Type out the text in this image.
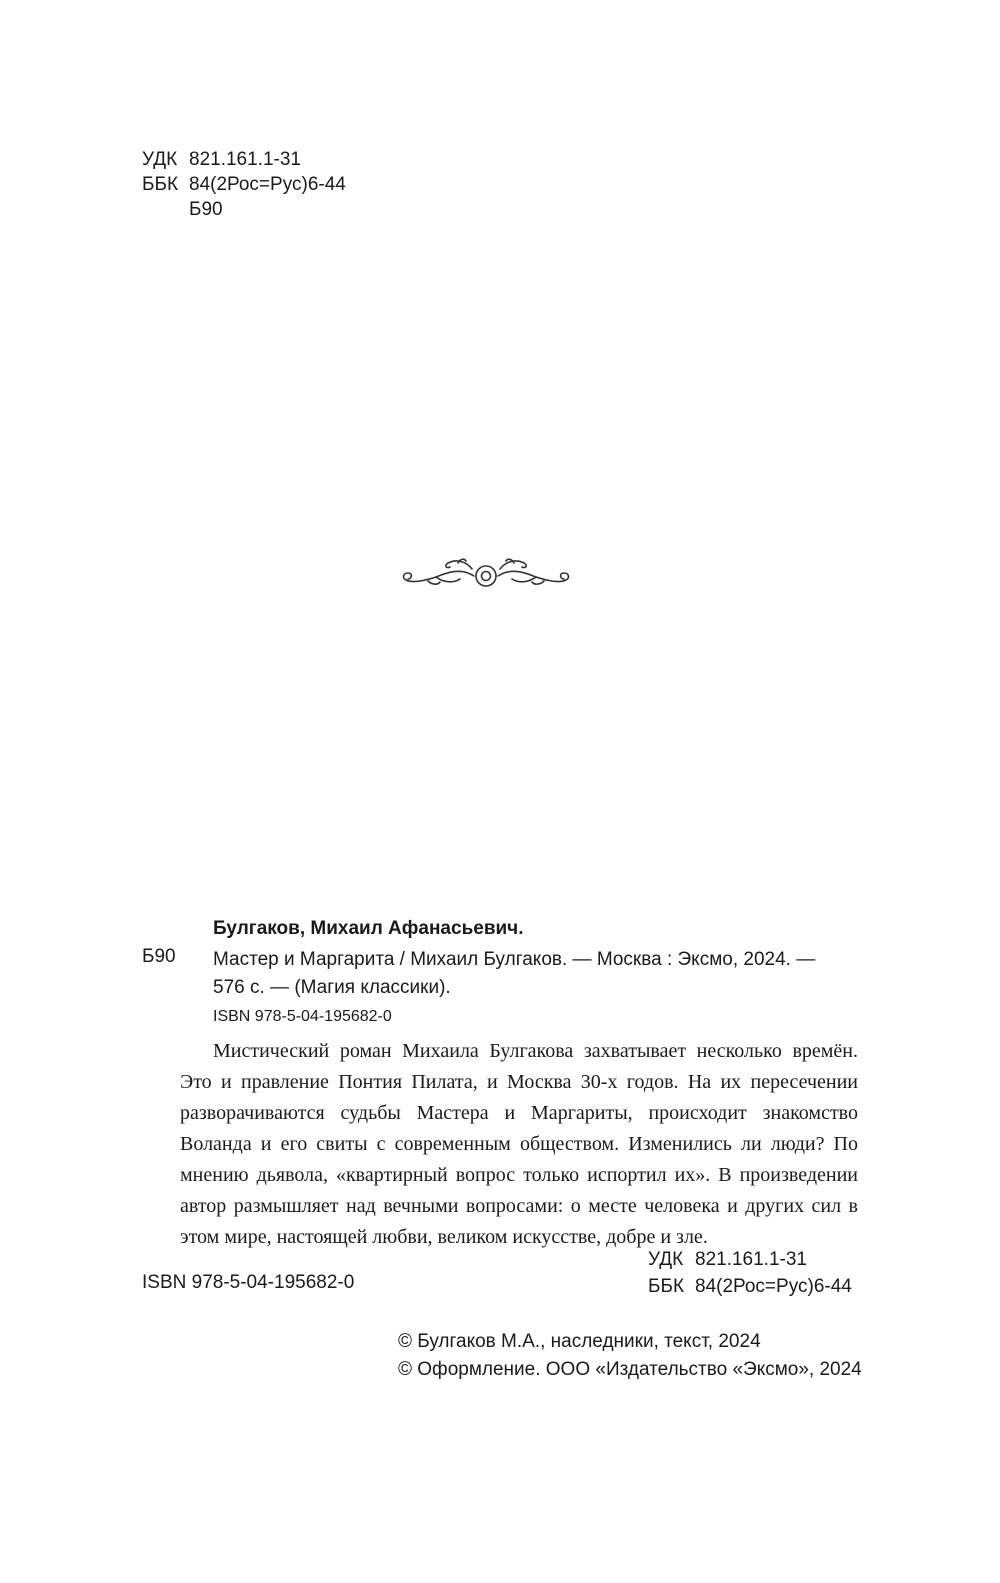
УДК 821.161.1-31
ББК 84(2Рос=Рус)6-44
Б90
Булгаков, Михаил Афанасьевич.
Б90 Мастер и Маргарита / Михаил Булгаков. — Москва : Эксмо, 2024. —

576 с. — (Магия классики).

ISBN 978-5-04-195682-0

Мистический роман Михаила Булгакова захватывает несколько времён. Это и правление Понтия Пилата, и Москва 30-х годов. На их пересечении разворачиваются судьбы Мастера и Маргариты, происходит знакомство Воланда и его свиты с современным обществом. Изменились ли люди? По мнению дьявола, «квартирный вопрос только испортил их». В произведении автор размышляет над вечными вопросами: о месте человека и других сил в этом мире, настоящей любви, великом искусстве, добре и зле.

ISBN 978-5-04-195682-0
УДК 821.161.1-31
ББК 84(2Рос=Рус)6-44
© Булгаков М.А., наследники, текст, 2024
© Оформление. ООО «Издательство «Эксмо», 2024
